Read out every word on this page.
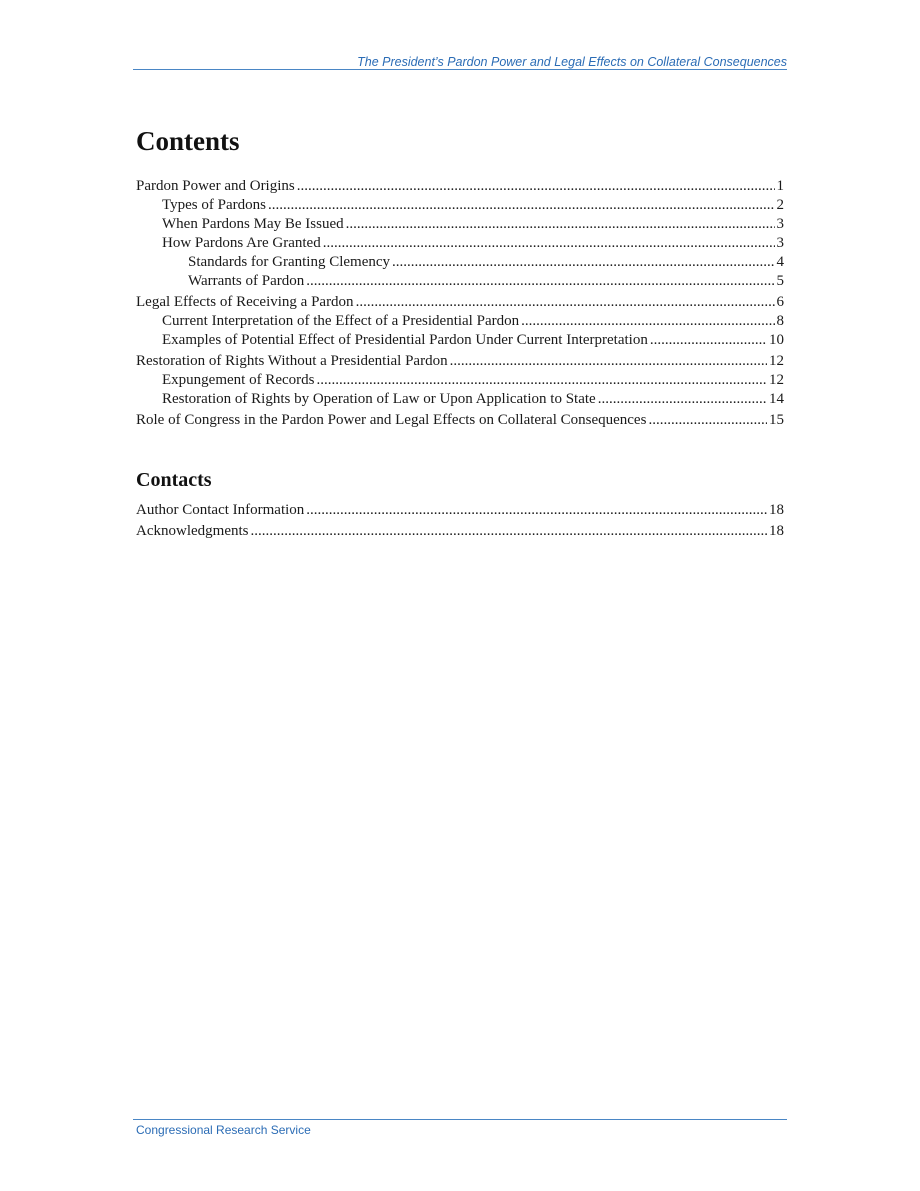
The President’s Pardon Power and Legal Effects on Collateral Consequences
Contents
Pardon Power and Origins .....	1
Types of Pardons .....	2
When Pardons May Be Issued .....	3
How Pardons Are Granted .....	3
Standards for Granting Clemency .....	4
Warrants of Pardon .....	5
Legal Effects of Receiving a Pardon .....	6
Current Interpretation of the Effect of a Presidential Pardon .....	8
Examples of Potential Effect of Presidential Pardon Under Current Interpretation .....	10
Restoration of Rights Without a Presidential Pardon .....	12
Expungement of Records .....	12
Restoration of Rights by Operation of Law or Upon Application to State .....	14
Role of Congress in the Pardon Power and Legal Effects on Collateral Consequences .....	15
Contacts
Author Contact Information .....	18
Acknowledgments .....	18
Congressional Research Service
